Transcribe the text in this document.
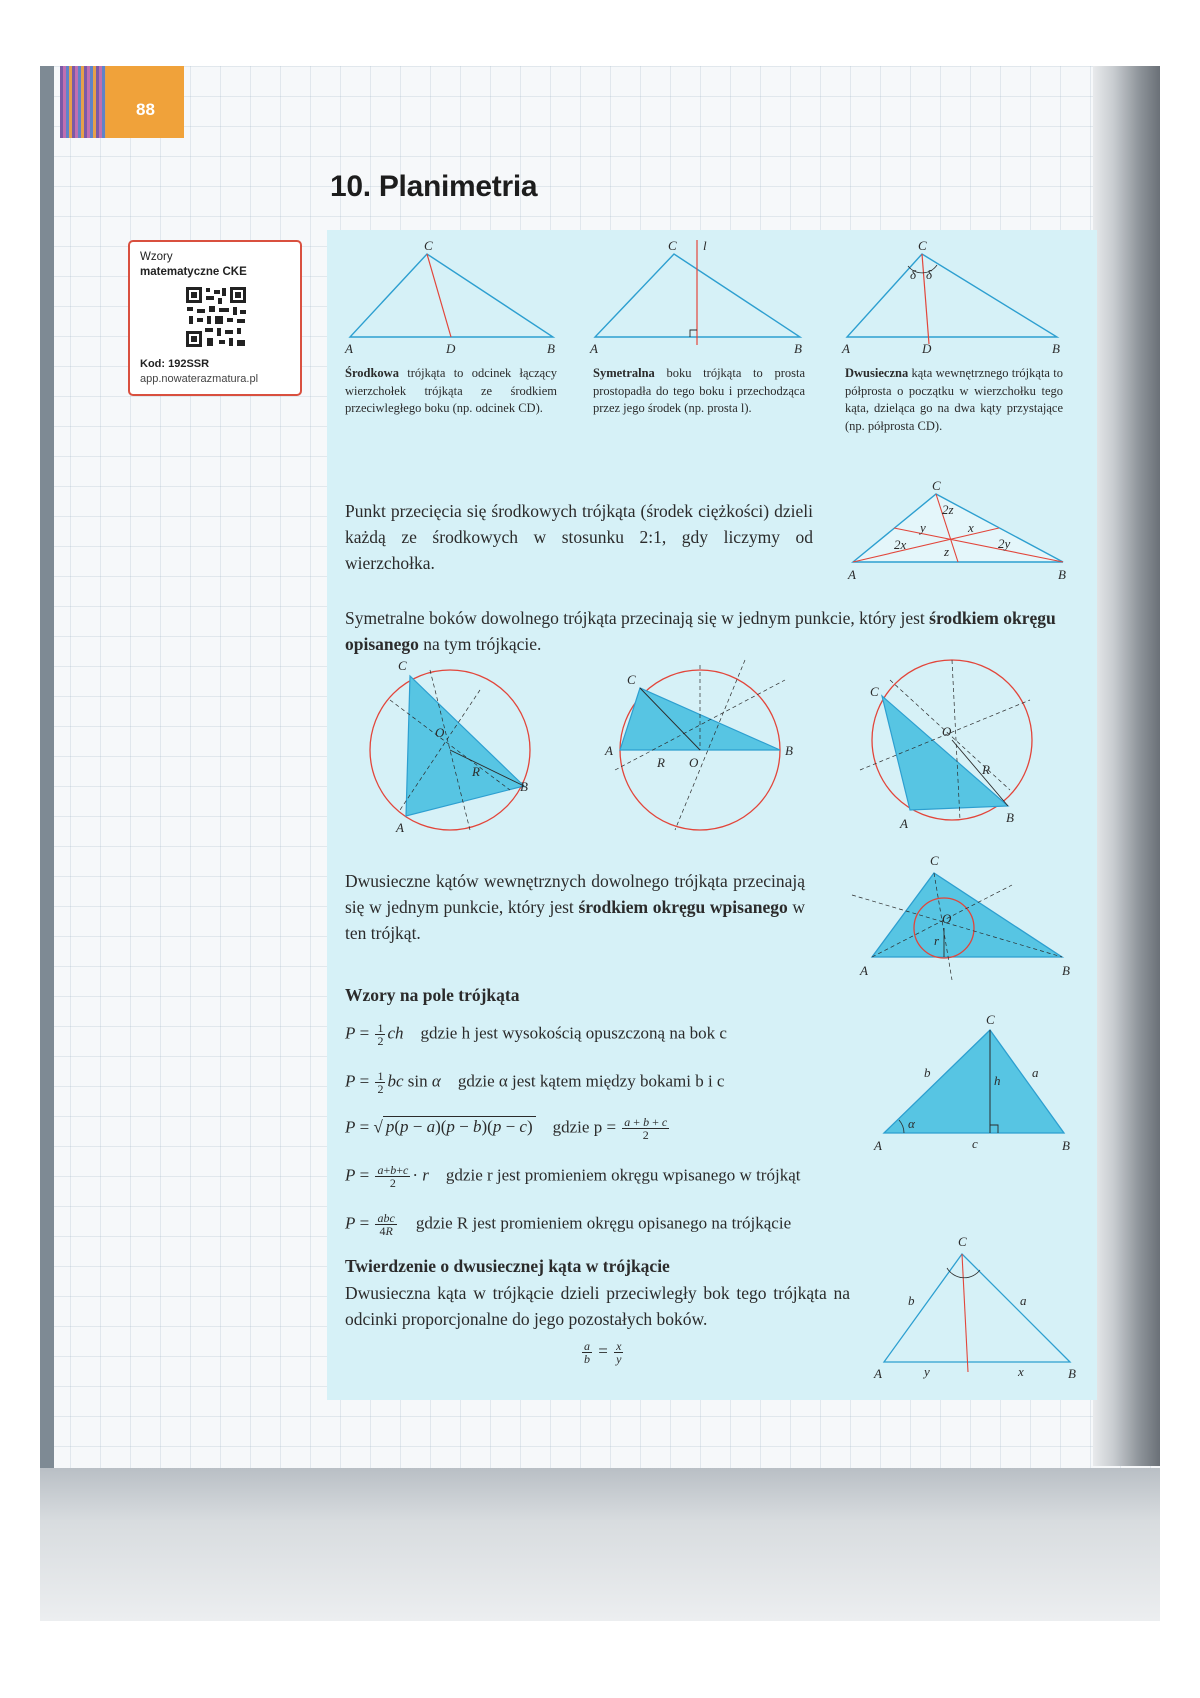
88
10. Planimetria
Wzory
matematyczne CKE
Kod: 192SSR
app.nowaterazmatura.pl
C
A	D	B
Środkowa trójkąta to odcinek łączący wierzchołek trójkąta ze środkiem przeciwległego boku (np. odcinek CD).
C l
A	B
Symetralna boku trójkąta to prosta prostopadła do tego boku i przechodząca przez jego środek (np. prosta l).
C
δ δ
A	D	B
Dwusieczna kąta wewnętrznego trójkąta to półprosta o początku w wierzchołku tego kąta, dzieląca go na dwa kąty przystające (np. półprosta CD).
Punkt przecięcia się środkowych trójkąta (środek ciężkości) dzieli każdą ze środkowych w stosunku 2:1, gdy liczymy od wierzchołka.
C
A	B
2z
y	x
2x	2y
z
Symetralne boków dowolnego trójkąta przecinają się w jednym punkcie, który jest środkiem okręgu opisanego na tym trójkącie.
C
A
B
O
R
C
A	B
O
R
C
A	B
O
R
Dwusieczne kątów wewnętrznych dowolnego trójkąta przecinają się w jednym punkcie, który jest środkiem okręgu wpisanego w ten trójkąt.
C
A	B
O
r
Wzory na pole trójkąta
$P = \frac{1}{2}$ ch gdzie h jest wysokością opuszczoną na bok c
$P = \frac{1}{2}$ bc sin α gdzie α jest kątem między bokami b i c
P = √ p(p − a)(p − b)(p − c) gdzie $p = \frac{a + b + c}{2}$
$P = \frac{a+b+c}{2} \cdot r$ gdzie r jest promieniem okręgu wpisanego w trójkąt
$P = \frac{\text{abc}}{4R}$ gdzie R jest promieniem okręgu opisanego na trójkącie
C
A	B
b	a
c
h
α
Twierdzenie o dwusiecznej kąta w trójkącie
Dwusieczna kąta w trójkącie dzieli przeciwległy bok tego trójkąta na odcinki proporcjonalne do jego pozostałych boków.
$\frac{a}{b} = \frac{x}{y}$
C
A	B
b	a
y	x
